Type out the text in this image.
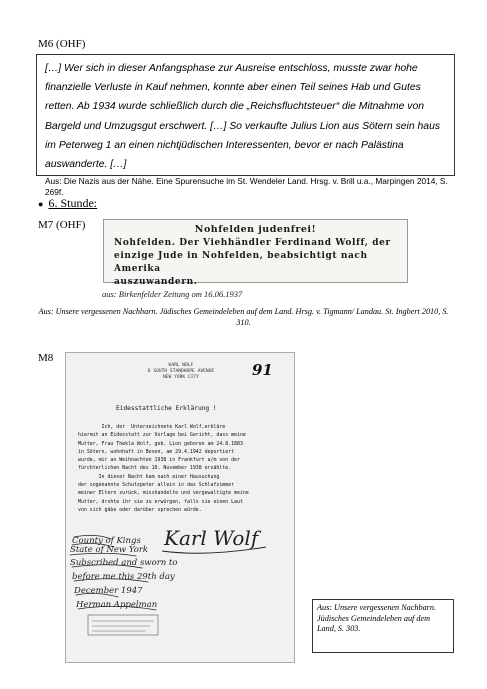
M6 (OHF)

[…] Wer sich in dieser Anfangsphase zur Ausreise entschloss, musste zwar hohe finanzielle Verluste in Kauf nehmen, konnte aber einen Teil seines Hab und Gutes retten. Ab 1934 wurde schließlich durch die „Reichsfluchtsteuer“ die Mitnahme von Bargeld und Umzugsgut erschwert. […] So verkaufte Julius Lion aus Sötern sein haus im Peterweg 1 an einen nichtjüdischen Interessenten, bevor er nach Palästina auswanderte. […]

Aus: Die Nazis aus der Nähe. Eine Spurensuche im St. Wendeler Land. Hrsg. v. Brill u.a., Marpingen 2014, S. 269f.

● 6. Stunde:
M7 (OHF)	Nohfelden judenfrei!
Nohfelden. Der Viehhändler Ferdinand Wolff, der
einzige Jude in Nohfelden, beabsichtigt nach Amerika
auszuwandern.
aus: Birkenfelder Zeitung om 16.06.1937
Aus: Unsere vergessenen Nachbarn. Jüdisches Gemeindeleben auf dem Land. Hrsg. v. Tigmann/ Landau. St. Ingbert 2010, S. 310.
M8
KARL WOLF
6 SOUTH STANDHOPE AVENUE
NEW YORK CITY	91
Eidesstattliche Erklärung !
Ich, der  Unterzeichnete Karl Wolf,erkläre
hiermit an Eidesstatt zur Vorlage bei Gericht, dass meine
Mutter, Frau Thekla Wolf, geb. Lion geboren am 24.8.1883
in Sötern, wohnhaft in Bosen, am 29.4.1942 deportiert
wurde, mir an Weihnachten 1938 in Frankfurt a/m von der
fürchterlichen Nacht des 10. November 1938 erzählte.
In dieser Nacht kam nach einer Hausuchung
der sogenannte Schutzpeter allein in das Schlafzimmer
meiner Eltern zurück, misshandelte und vergewaltigte meine
Mutter, drohte ihr sie zu erwürgen, falls sie einen Laut
von sich gäbe oder darüber sprechen würde.
County of Kings
State of New York
Subscribed and sworn to
before me this 29th day
December 1947
Herman Appelman
Karl Wolf
Aus: Unsere vergessenen Nachbarn. Jüdisches Gemeindeleben auf dem Land, S. 303.
